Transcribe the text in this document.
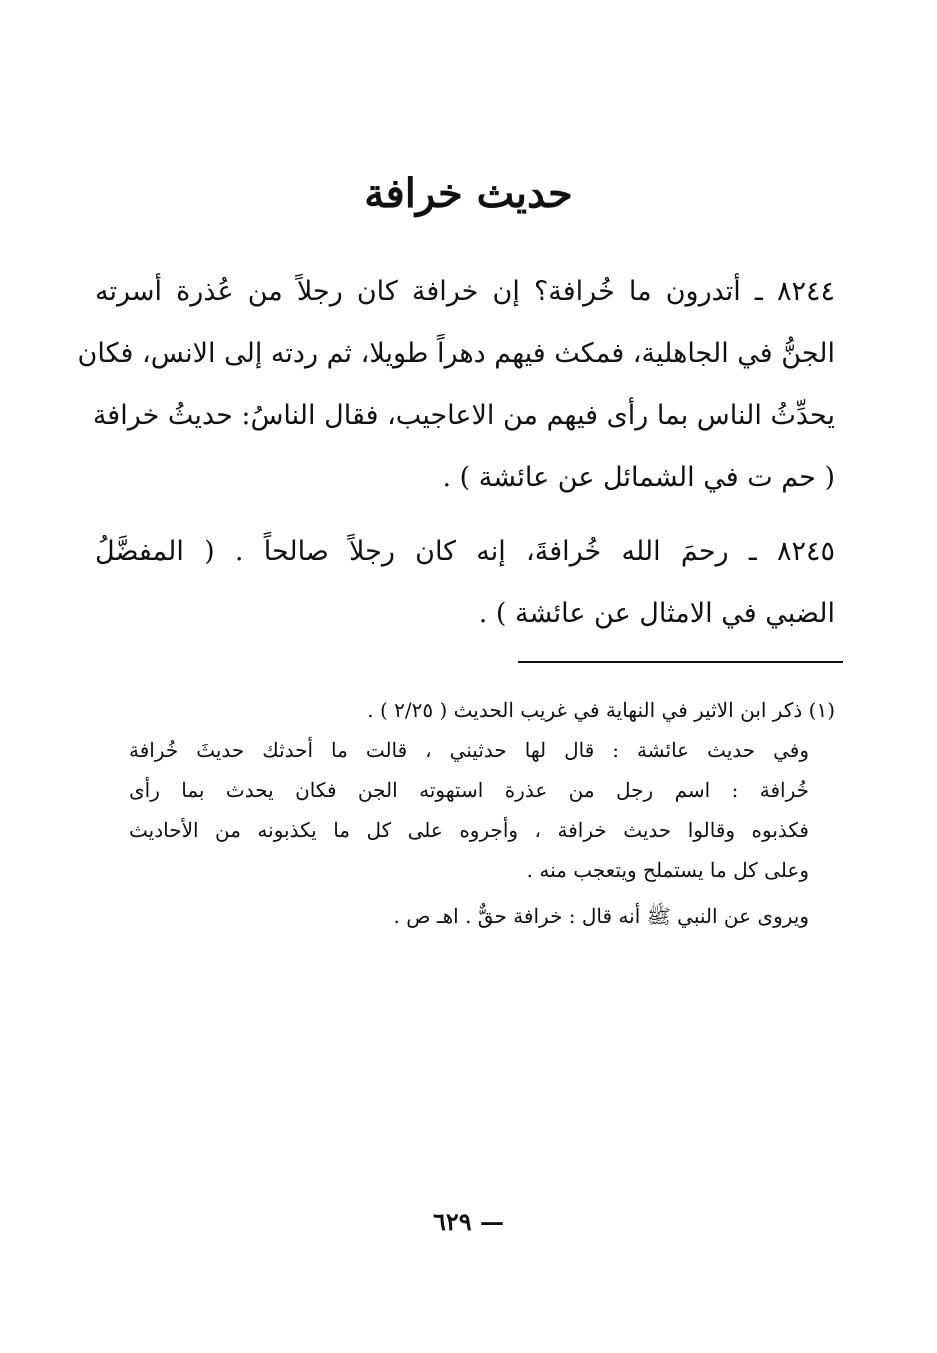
حديث خرافة
٨٢٤٤ ـ أتدرون ما خُرافة؟ إن خرافة كان رجلاً من عُذرة أسرته
الجنُّ في الجاهلية، فمكث فيهم دهراً طويلا، ثم ردته إلى الانس، فكان
يحدِّثُ الناس بما رأى فيهم من الاعاجيب، فقال الناسُ: حديثُ خرافة
( حم ت في الشمائل عن عائشة ) .
٨٢٤٥ ـ رحمَ الله خُرافةَ، إنه كان رجلاً صالحاً . ( المفضَّلُ
الضبي في الامثال عن عائشة ) .
(١) ذكر ابن الاثير في النهاية في غريب الحديث ( ٢/٢٥ ) .
وفي حديث عائشة : قال لها حدثيني ، قالت ما أحدثك حديثَ خُرافة
خُرافة : اسم رجل من عذرة استهوته الجن فكان يحدث بما رأى
فكذبوه وقالوا حديث خرافة ، وأجروه على كل ما يكذبونه من الأحاديث
وعلى كل ما يستملح ويتعجب منه .
ويروى عن النبي ﷺ أنه قال : خرافة حقٌّ . اهـ ص .
— ٦٢٩
